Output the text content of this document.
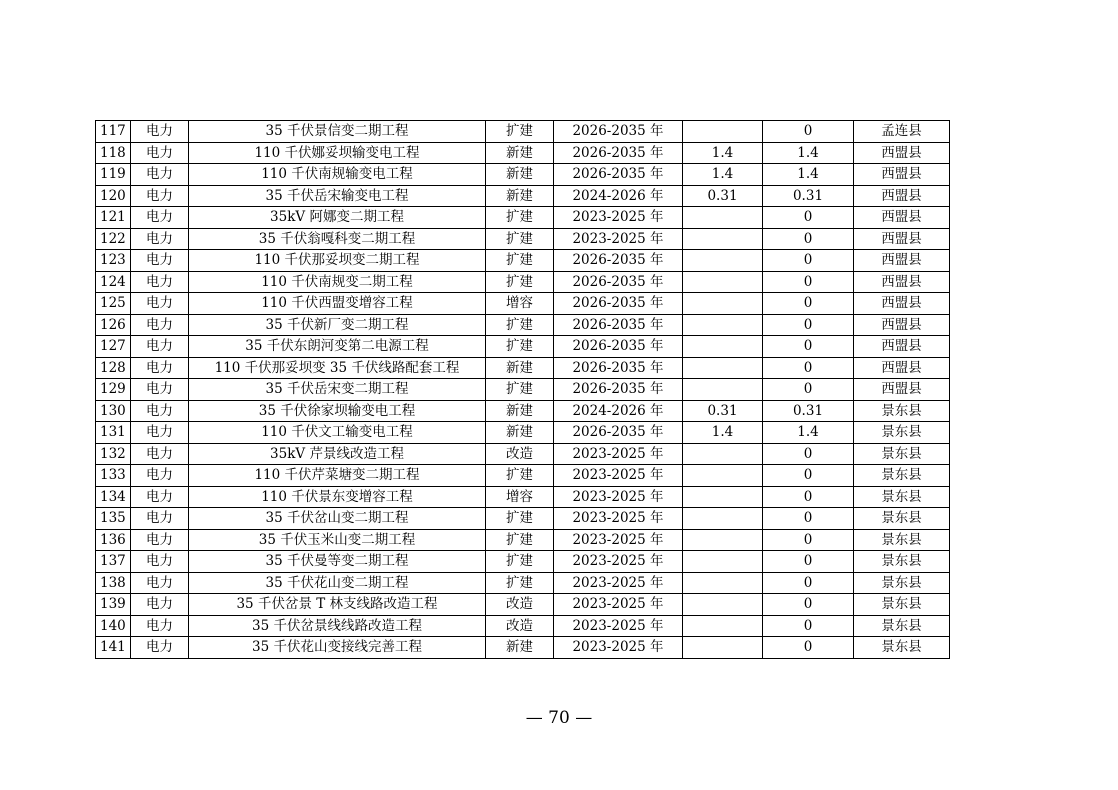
117	电力	35 千伏景信变二期工程	扩建	2026-2035 年		0	孟连县
118	电力	110 千伏娜妥坝输变电工程	新建	2026-2035 年	1.4	1.4	西盟县
119	电力	110 千伏南规输变电工程	新建	2026-2035 年	1.4	1.4	西盟县
120	电力	35 千伏岳宋输变电工程	新建	2024-2026 年	0.31	0.31	西盟县
121	电力	35kV 阿娜变二期工程	扩建	2023-2025 年		0	西盟县
122	电力	35 千伏翁嘎科变二期工程	扩建	2023-2025 年		0	西盟县
123	电力	110 千伏那妥坝变二期工程	扩建	2026-2035 年		0	西盟县
124	电力	110 千伏南规变二期工程	扩建	2026-2035 年		0	西盟县
125	电力	110 千伏西盟变增容工程	增容	2026-2035 年		0	西盟县
126	电力	35 千伏新厂变二期工程	扩建	2026-2035 年		0	西盟县
127	电力	35 千伏东朗河变第二电源工程	扩建	2026-2035 年		0	西盟县
128	电力	110 千伏那妥坝变 35 千伏线路配套工程	新建	2026-2035 年		0	西盟县
129	电力	35 千伏岳宋变二期工程	扩建	2026-2035 年		0	西盟县
130	电力	35 千伏徐家坝输变电工程	新建	2024-2026 年	0.31	0.31	景东县
131	电力	110 千伏文工输变电工程	新建	2026-2035 年	1.4	1.4	景东县
132	电力	35kV 芹景线改造工程	改造	2023-2025 年		0	景东县
133	电力	110 千伏芹菜塘变二期工程	扩建	2023-2025 年		0	景东县
134	电力	110 千伏景东变增容工程	增容	2023-2025 年		0	景东县
135	电力	35 千伏岔山变二期工程	扩建	2023-2025 年		0	景东县
136	电力	35 千伏玉米山变二期工程	扩建	2023-2025 年		0	景东县
137	电力	35 千伏曼等变二期工程	扩建	2023-2025 年		0	景东县
138	电力	35 千伏花山变二期工程	扩建	2023-2025 年		0	景东县
139	电力	35 千伏岔景 T 林支线路改造工程	改造	2023-2025 年		0	景东县
140	电力	35 千伏岔景线线路改造工程	改造	2023-2025 年		0	景东县
141	电力	35 千伏花山变接线完善工程	新建	2023-2025 年		0	景东县
— 70 —
